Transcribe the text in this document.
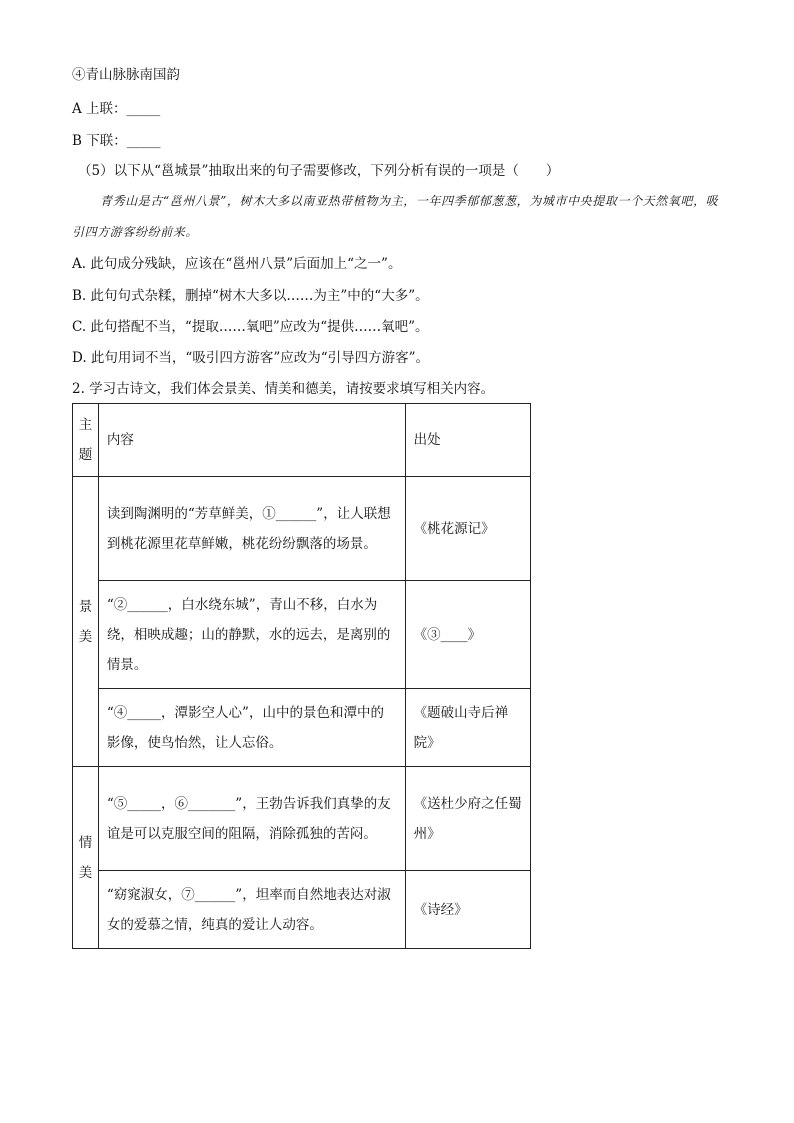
④青山脉脉南国韵
A 上联：_____
B 下联：_____
（5）以下从“邕城景”抽取出来的句子需要修改，下列分析有误的一项是（　　）
青秀山是古“邕州八景”，树木大多以南亚热带植物为主，一年四季郁郁葱葱，为城市中央提取一个天然氧吧，吸引四方游客纷纷前来。
A. 此句成分残缺，应该在“邕州八景”后面加上“之一”。
B. 此句句式杂糅，删掉“树木大多以……为主”中的“大多”。
C. 此句搭配不当，“提取……氧吧”应改为“提供……氧吧”。
D. 此句用词不当，“吸引四方游客”应改为“引导四方游客”。
2. 学习古诗文，我们体会景美、情美和德美，请按要求填写相关内容。
主
题	内容	出处

景
美	读到陶渊明的“芳草鲜美，①______”，让人联想到桃花源里花草鲜嫩，桃花纷纷飘落的场景。	《桃花源记》

	“②______，白水绕东城”，青山不移，白水为绕，相映成趣；山的静默，水的远去，是离别的情景。	《③____》

	“④_____，潭影空人心”，山中的景色和潭中的影像，使鸟怡然，让人忘俗。	《题破山寺后禅院》

情
美	“⑤_____，⑥_______”，王勃告诉我们真挚的友谊是可以克服空间的阻隔，消除孤独的苦闷。	《送杜少府之任蜀州》

	“窈窕淑女，⑦______”，坦率而自然地表达对淑女的爱慕之情，纯真的爱让人动容。	《诗经》
